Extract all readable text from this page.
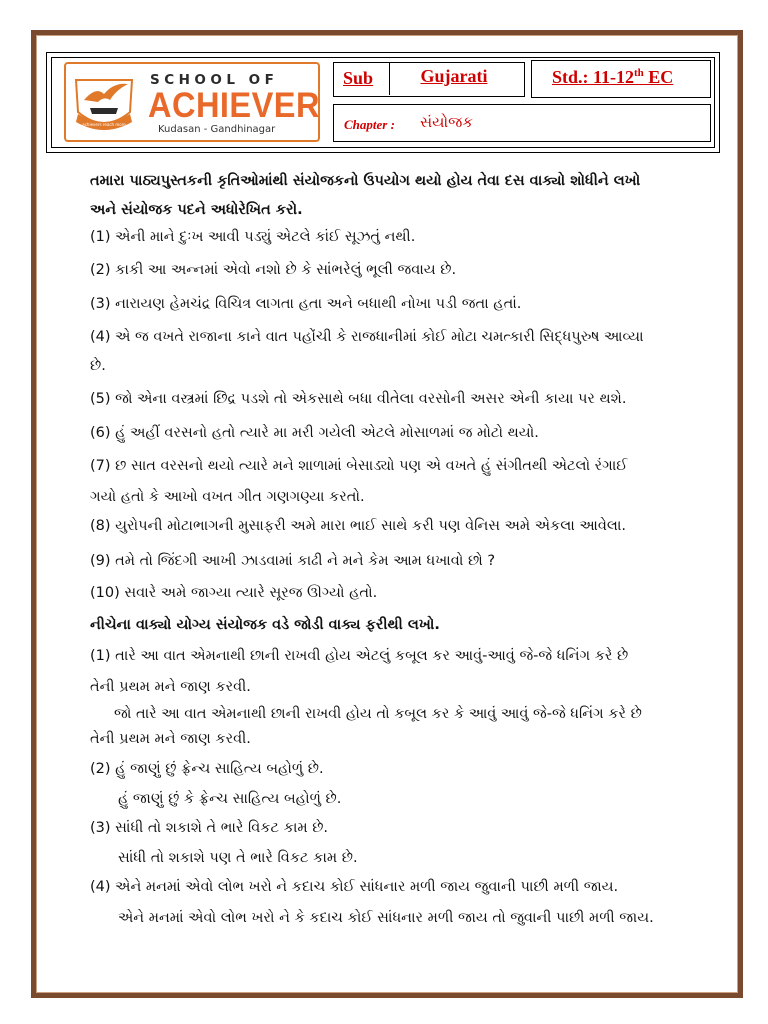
achievers reach more
SCHOOL OF
ACHIEVER
Kudasan - Gandhinagar
Sub	Gujarati	Std.: 11-12th EC
Chapter : સંયોજક
તમારા પાઠ્યપુસ્તકની કૃતિઓમાંથી સંયોજકનો ઉપયોગ થયો હોય તેવા દસ વાક્યો શોધીને લખો
અને સંયોજક પદને અધોરેખિત કરો.
(1) એની માને દુઃખ આવી પડ્યું એટલે કાંઈ સૂઝતું નથી.
(2) કાકી આ અન્નમાં એવો નશો છે કે સાંભરેલું ભૂલી જવાય છે.
(3) નારાયણ હેમચંદ્ર વિચિત્ર લાગતા હતા અને બધાથી નોખા પડી જતા હતાં.
(4) એ જ વખતે રાજાના કાને વાત પહોંચી કે રાજધાનીમાં કોઈ મોટા ચમત્કારી સિદ્ધપુરુષ આવ્યા
છે.
(5) જો એના વસ્ત્રમાં છિદ્ર પડશે તો એકસાથે બધા વીતેલા વરસોની અસર એની કાયા પર થશે.
(6) હું અહીં વરસનો હતો ત્યારે મા મરી ગયેલી એટલે મોસાળમાં જ મોટો થયો.
(7) છ સાત વરસનો થયો ત્યારે મને શાળામાં બેસાડ્યો પણ એ વખતે હું સંગીતથી એટલો રંગાઈ
ગયો હતો કે આખો વખત ગીત ગણગણ્યા કરતો.
(8) યુરોપની મોટાભાગની મુસાફરી અમે મારા ભાઈ સાથે કરી પણ વેનિસ અમે એકલા આવેલા.
(9) તમે તો જિંદગી આખી ઝાડવામાં કાઢી ને મને કેમ આમ ધખાવો છો ?
(10) સવારે અમે જાગ્યા ત્યારે સૂરજ ઊગ્યો હતો.
નીચેના વાક્યો યોગ્ય સંયોજક વડે જોડી વાક્ય ફરીથી લખો.
(1) તારે આ વાત એમનાથી છાની રાખવી હોય એટલું કબૂલ કર આવું-આવું જે-જે ધનિંગ કરે છે
તેની પ્રથમ મને જાણ કરવી.
જો તારે આ વાત એમનાથી છાની રાખવી હોય તો કબૂલ કર કે આવું આવું જે-જે ધનિંગ કરે છે
તેની પ્રથમ મને જાણ કરવી.
(2) હું જાણું છું ફ્રેન્ચ સાહિત્ય બહોળું છે.
હું જાણું છું કે ફ્રેન્ચ સાહિત્ય બહોળું છે.
(3) સાંધી તો શકાશે તે ભારે વિકટ કામ છે.
સાંધી તો શકાશે પણ તે ભારે વિકટ કામ છે.
(4) એને મનમાં એવો લોભ ખરો ને કદાચ કોઈ સાંધનાર મળી જાય જુવાની પાછી મળી જાય.
એને મનમાં એવો લોભ ખરો ને કે કદાચ કોઈ સાંધનાર મળી જાય તો જુવાની પાછી મળી જાય.
